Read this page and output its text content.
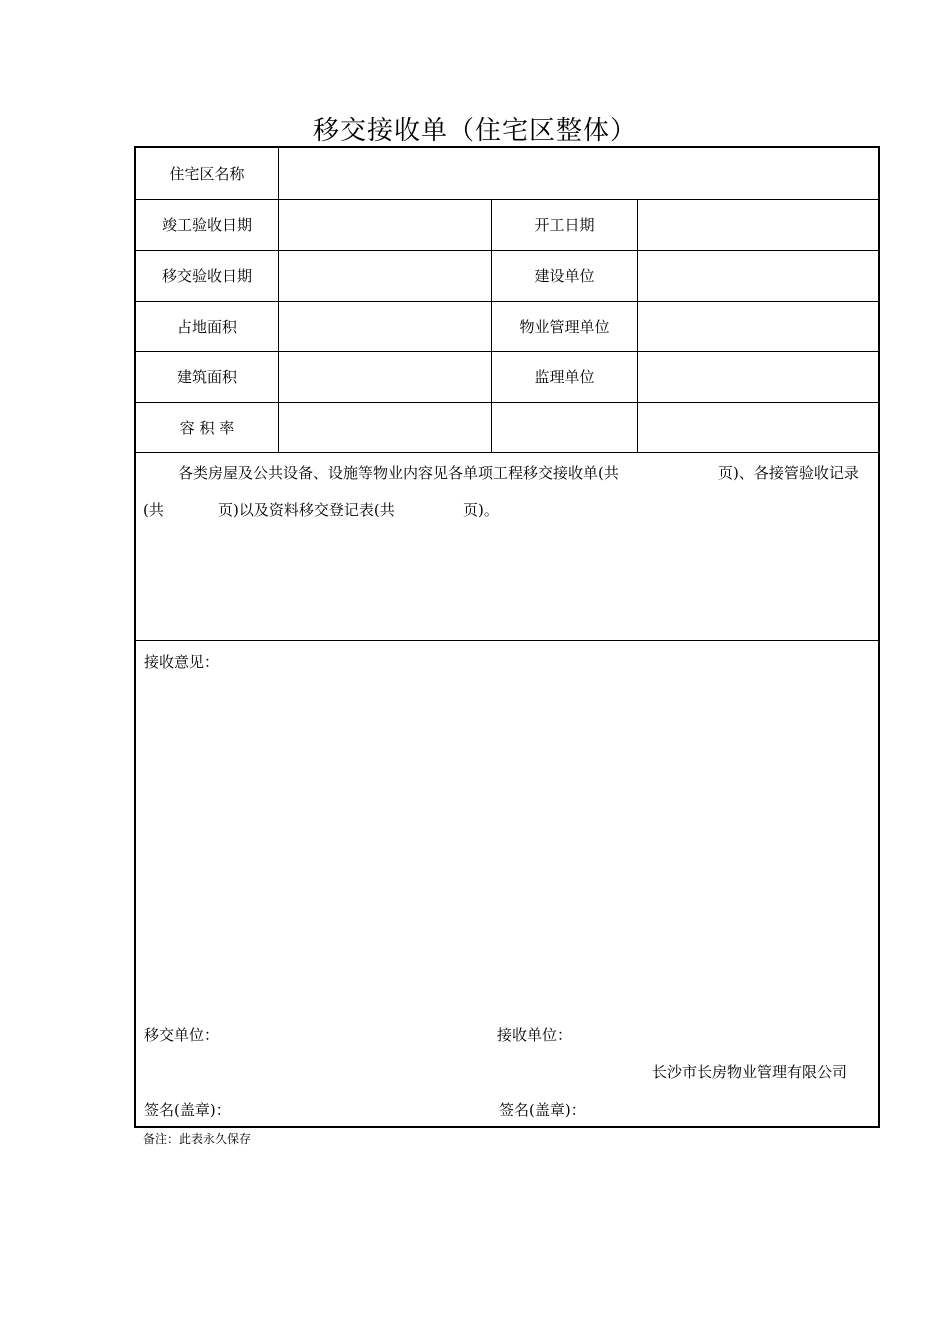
移交接收单（住宅区整体）
住宅区名称
竣工验收日期	开工日期
移交验收日期	建设单位
占地面积	物业管理单位
建筑面积	监理单位
容 积 率
各类房屋及公共设备、设施等物业内容见各单项工程移交接收单(共	页)、各接管验收记录
(共	页)以及资料移交登记表(共	页)。
接收意见：
移交单位：	接收单位：
长沙市长房物业管理有限公司
签名(盖章)：	签名(盖章)：
备注：此表永久保存
